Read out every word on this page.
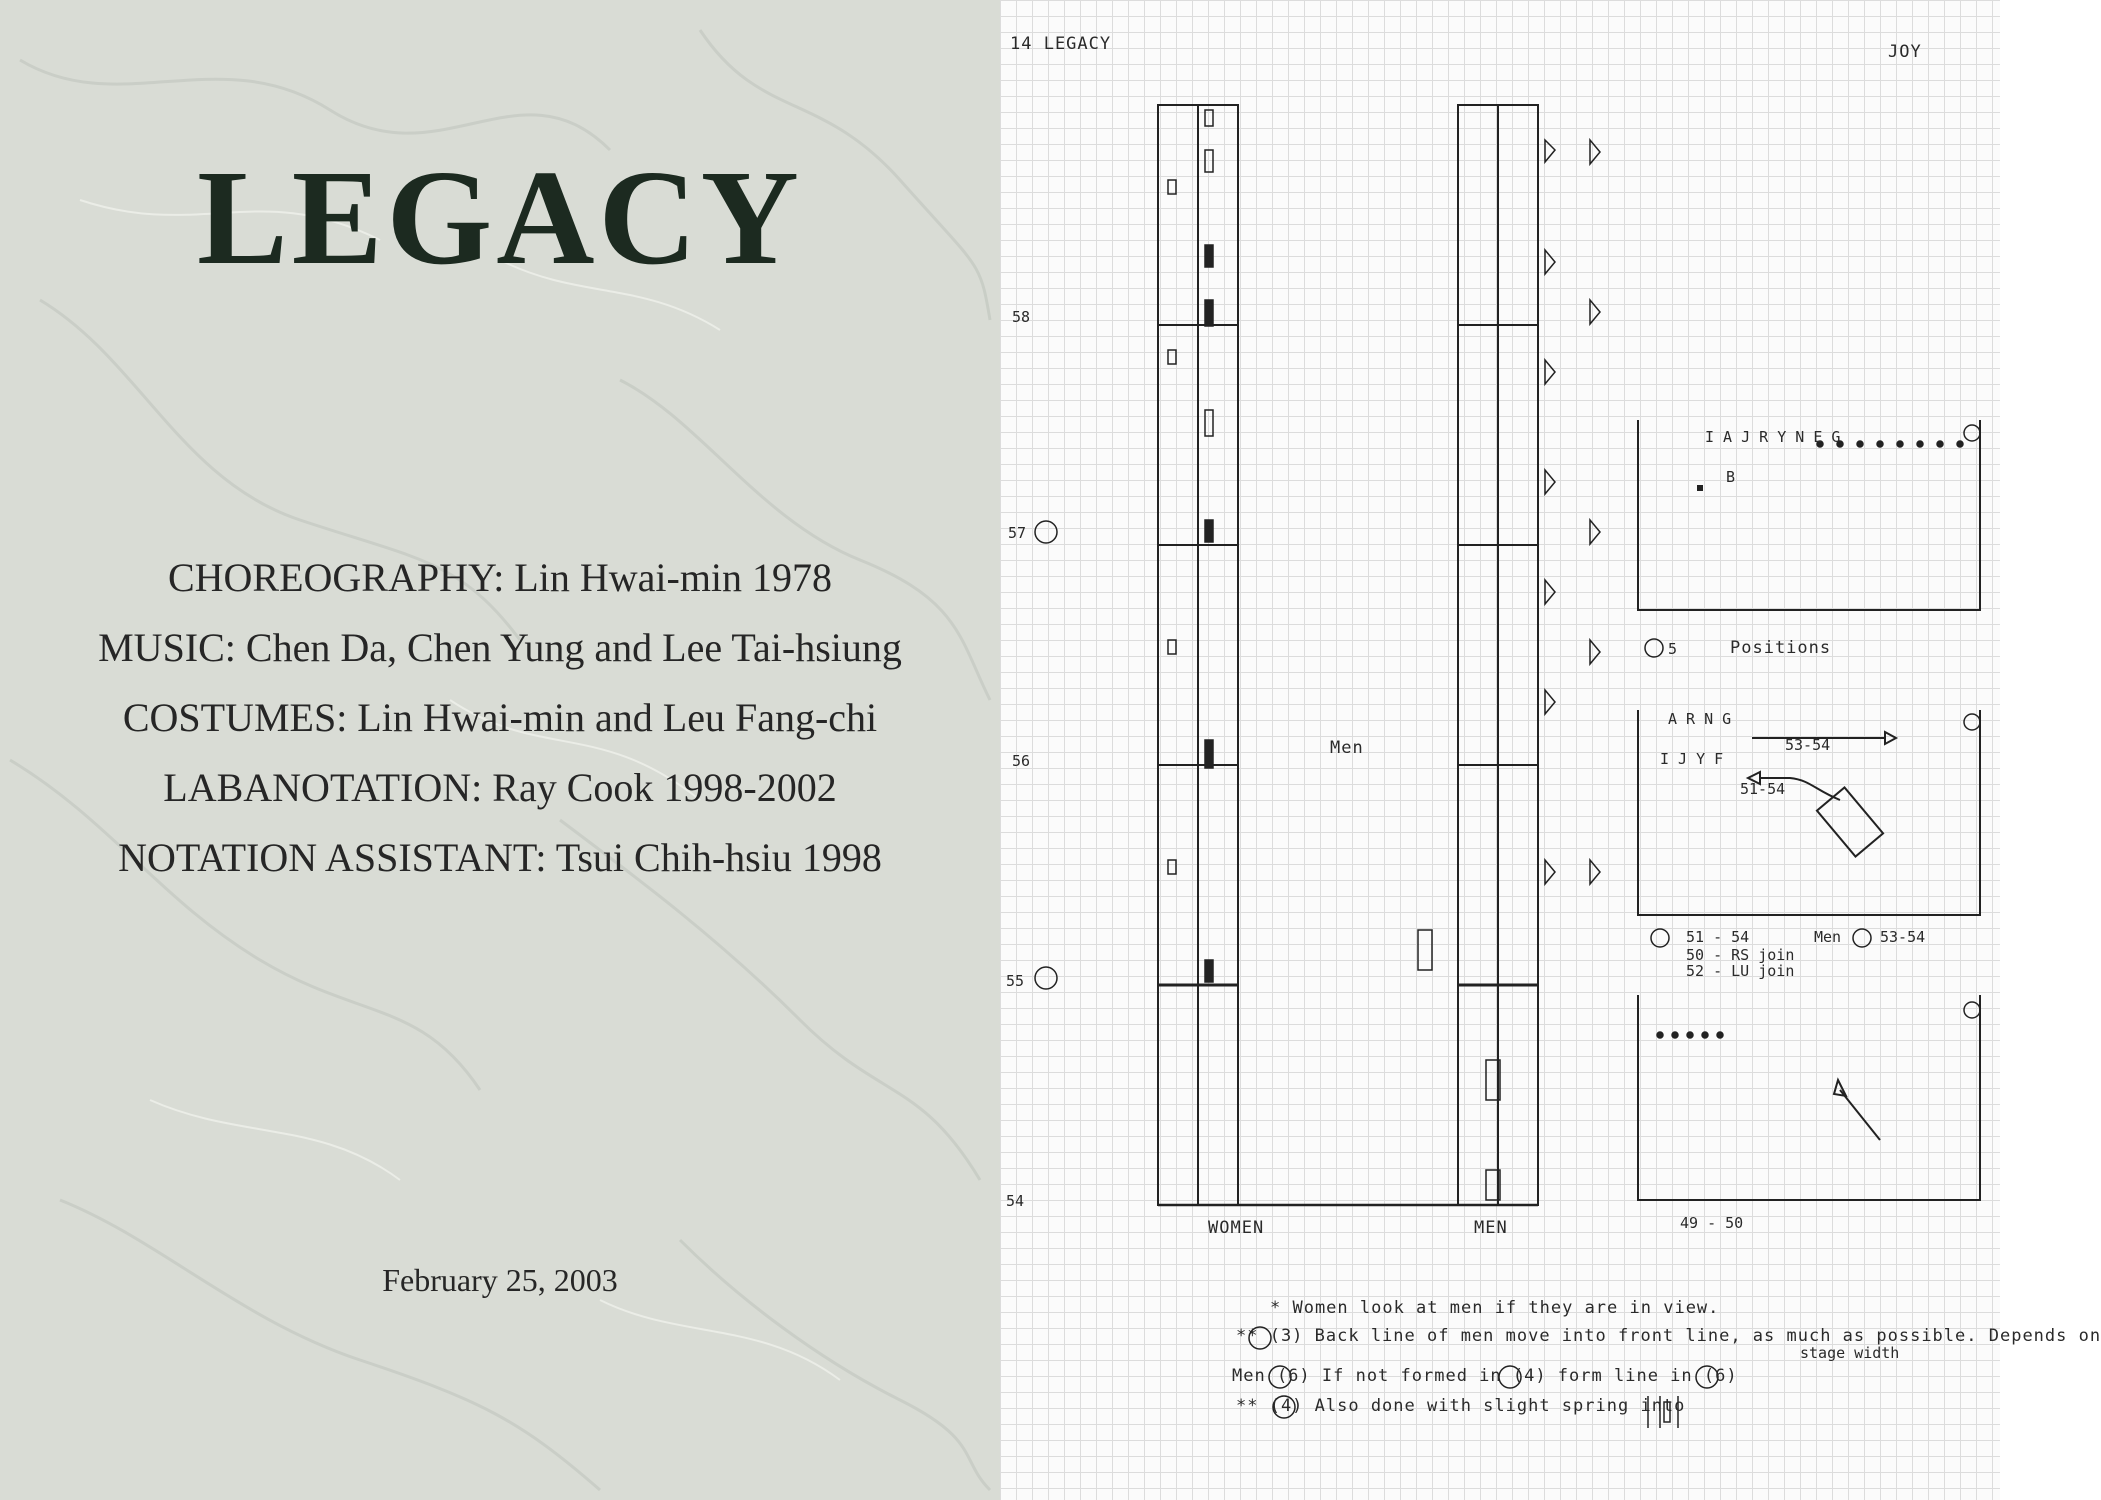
LEGACY
CHOREOGRAPHY: Lin Hwai-min 1978
MUSIC: Chen Da, Chen Yung and Lee Tai-hsiung
COSTUMES: Lin Hwai-min and Leu Fang-chi
LABANOTATION: Ray Cook 1998-2002
NOTATION ASSISTANT: Tsui Chih-hsiu 1998
February 25, 2003
14 LEGACY	JOY
58
57
56
55
54
WOMEN	MEN
Men
I A J R Y N E G
B
5	Positions
A R N G
I J Y F
53-54
51-54
51 - 54
50 - RS join
52 - LU join
Men	53-54
49 - 50
* Women look at men if they are in view.
** (3) Back line of men move into front line, as much as possible. Depends on
stage width
Men (6) If not formed in (4) form line in (6)
** (4) Also done with slight spring into
